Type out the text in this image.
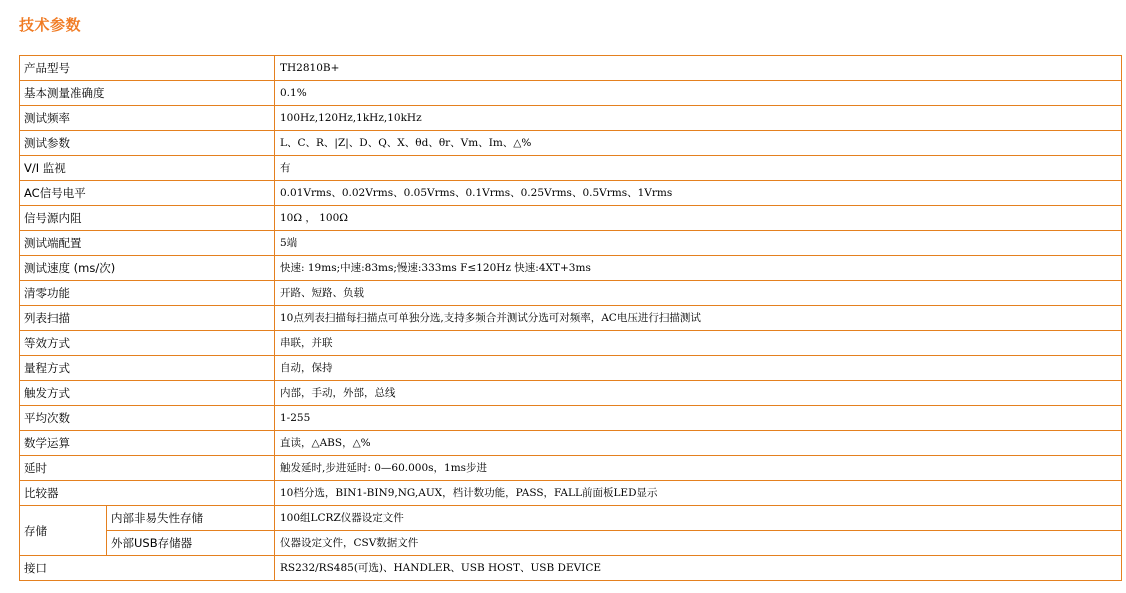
技术参数
产品型号		TH2810B+
基本测量准确度		0.1%
测试频率		100Hz,120Hz,1kHz,10kHz
测试参数		L、C、R、|Z|、D、Q、X、θd、θr、Vm、Im、△%
V/I 监视		有
AC信号电平		0.01Vrms、0.02Vrms、0.05Vrms、0.1Vrms、0.25Vrms、0.5Vrms、1Vrms
信号源内阻		10Ω ， 100Ω
测试端配置		5端
测试速度 (ms/次)		快速: 19ms;中速:83ms;慢速:333ms F≤120Hz 快速:4XT+3ms
清零功能		开路、短路、负载
列表扫描		10点列表扫描每扫描点可单独分选,支持多频合并测试分选可对频率，AC电压进行扫描测试
等效方式		串联，并联
量程方式		自动，保持
触发方式		内部，手动，外部，总线
平均次数		1-255
数学运算		直读，△ABS，△%
延时		触发延时,步进延时: 0—60.000s，1ms步进
比较器		10档分选，BIN1-BIN9,NG,AUX，档计数功能，PASS，FALL前面板LED显示
存储	内部非易失性存储	100组LCRZ仪器设定文件
	外部USB存储器	仪器设定文件，CSV数据文件
接口		RS232/RS485(可选)、HANDLER、USB HOST、USB DEVICE
